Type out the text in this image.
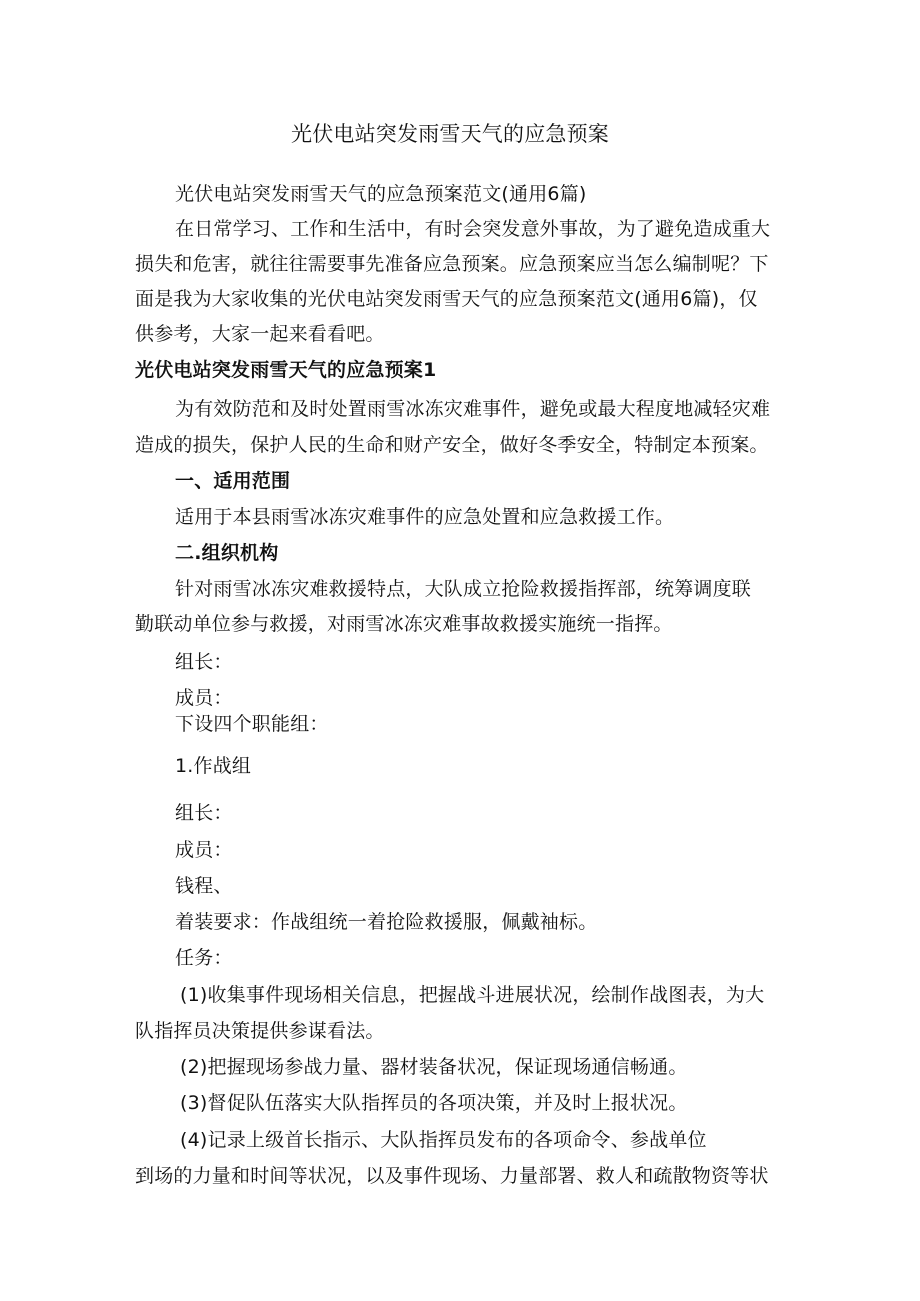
光伏电站突发雨雪天气的应急预案
光伏电站突发雨雪天气的应急预案范文(通用6篇)
在日常学习、工作和生活中，有时会突发意外事故，为了避免造成重大
损失和危害，就往往需要事先准备应急预案。应急预案应当怎么编制呢？下
面是我为大家收集的光伏电站突发雨雪天气的应急预案范文(通用6篇)，仅
供参考，大家一起来看看吧。
光伏电站突发雨雪天气的应急预案1
为有效防范和及时处置雨雪冰冻灾难事件，避免或最大程度地减轻灾难
造成的损失，保护人民的生命和财产安全，做好冬季安全，特制定本预案。
一、适用范围
适用于本县雨雪冰冻灾难事件的应急处置和应急救援工作。
二.组织机构
针对雨雪冰冻灾难救援特点，大队成立抢险救援指挥部，统筹调度联
勤联动单位参与救援，对雨雪冰冻灾难事故救援实施统一指挥。
组长：
成员：
下设四个职能组：
1.作战组
组长：
成员：
钱程、
着装要求：作战组统一着抢险救援服，佩戴袖标。
任务：
(1)收集事件现场相关信息，把握战斗进展状况，绘制作战图表，为大
队指挥员决策提供参谋看法。
(2)把握现场参战力量、器材装备状况，保证现场通信畅通。
(3)督促队伍落实大队指挥员的各项决策，并及时上报状况。
(4)记录上级首长指示、大队指挥员发布的各项命令、参战单位
到场的力量和时间等状况，以及事件现场、力量部署、救人和疏散物资等状
